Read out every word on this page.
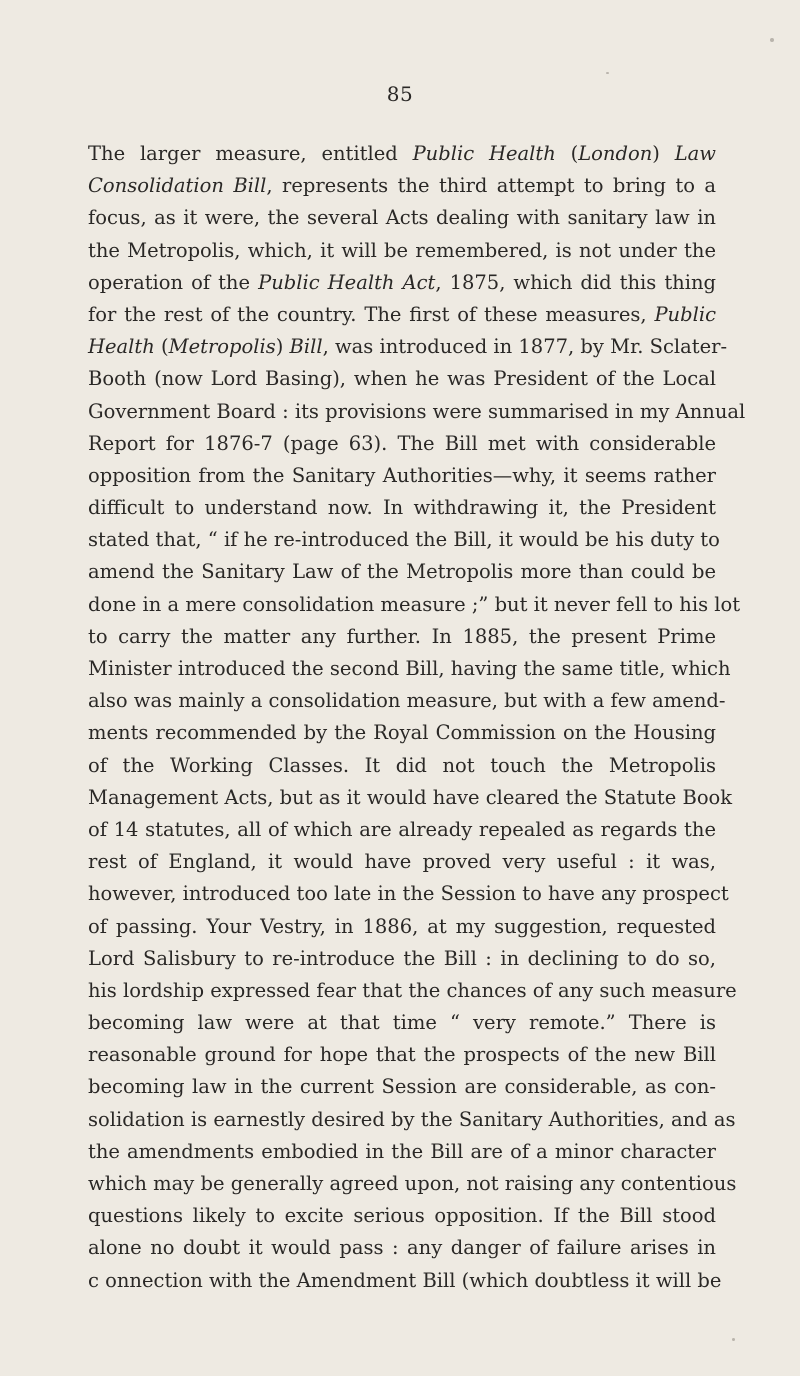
85
The larger measure, entitled Public Health (London) Law
Consolidation Bill, represents the third attempt to bring to a
focus, as it were, the several Acts dealing with sanitary law in
the Metropolis, which, it will be remembered, is not under the
operation of the Public Health Act, 1875, which did this thing
for the rest of the country. The first of these measures, Public
Health (Metropolis) Bill, was introduced in 1877, by Mr. Sclater-
Booth (now Lord Basing), when he was President of the Local
Government Board : its provisions were summarised in my Annual
Report for 1876-7 (page 63). The Bill met with considerable
opposition from the Sanitary Authorities—why, it seems rather
difficult to understand now. In withdrawing it, the President
stated that, “ if he re-introduced the Bill, it would be his duty to
amend the Sanitary Law of the Metropolis more than could be
done in a mere consolidation measure ;” but it never fell to his lot
to carry the matter any further. In 1885, the present Prime
Minister introduced the second Bill, having the same title, which
also was mainly a consolidation measure, but with a few amend-
ments recommended by the Royal Commission on the Housing
of the Working Classes. It did not touch the Metropolis
Management Acts, but as it would have cleared the Statute Book
of 14 statutes, all of which are already repealed as regards the
rest of England, it would have proved very useful : it was,
however, introduced too late in the Session to have any prospect
of passing. Your Vestry, in 1886, at my suggestion, requested
Lord Salisbury to re-introduce the Bill : in declining to do so,
his lordship expressed fear that the chances of any such measure
becoming law were at that time “ very remote.” There is
reasonable ground for hope that the prospects of the new Bill
becoming law in the current Session are considerable, as con-
solidation is earnestly desired by the Sanitary Authorities, and as
the amendments embodied in the Bill are of a minor character
which may be generally agreed upon, not raising any contentious
questions likely to excite serious opposition. If the Bill stood
alone no doubt it would pass : any danger of failure arises in
c onnection with the Amendment Bill (which doubtless it will be
